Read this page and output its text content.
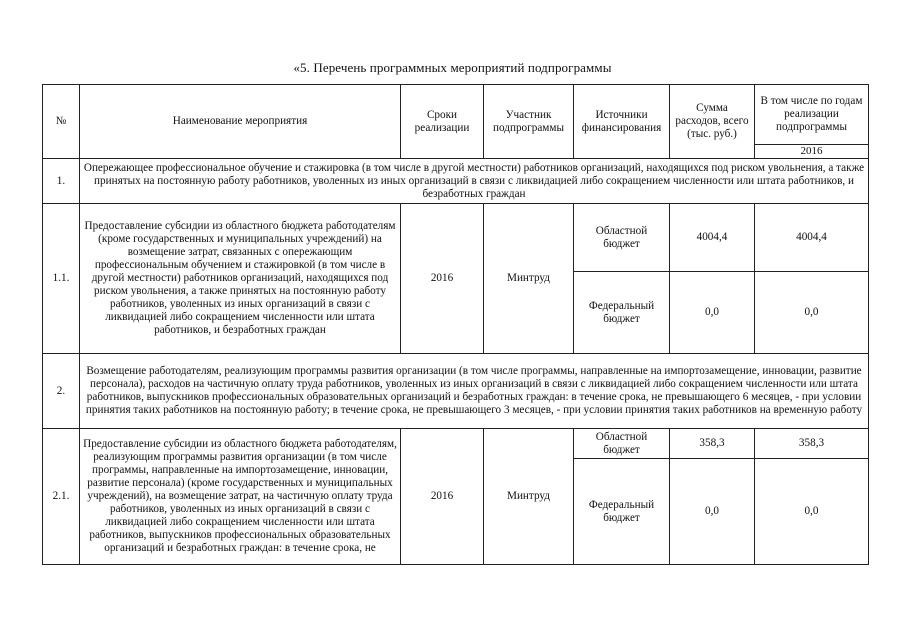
«5. Перечень программных мероприятий подпрограммы
№	Наименование мероприятия	Сроки реализации	Участник подпрограммы	Источники финансирования	Сумма расходов, всего (тыс. руб.)	В том числе по годам реализации подпрограммы
						2016
1.	Опережающее профессиональное обучение и стажировка (в том числе в другой местности) работников организаций, находящихся под риском увольнения, а также принятых на постоянную работу работников, уволенных из иных организаций в связи с ликвидацией либо сокращением численности или штата работников, и безработных граждан					
1.1.	Предоставление субсидии из областного бюджета работодателям (кроме государственных и муниципальных учреждений) на возмещение затрат, связанных с опережающим профессиональным обучением и стажировкой (в том числе в другой местности) работников организаций, находящихся под риском увольнения, а также принятых на постоянную работу работников, уволенных из иных организаций в связи с ликвидацией либо сокращением численности или штата работников, и безработных граждан	2016	Минтруд	Областной бюджет	4004,4	4004,4
				Федеральный бюджет	0,0	0,0
2.	Возмещение работодателям, реализующим программы развития организации (в том числе программы, направленные на импортозамещение, инновации, развитие персонала), расходов на частичную оплату труда работников, уволенных из иных организаций в связи с ликвидацией либо сокращением численности или штата работников, выпускников профессиональных образовательных организаций и безработных граждан: в течение срока, не превышающего 6 месяцев, - при условии принятия таких работников на постоянную работу; в течение срока, не превышающего 3 месяцев, - при условии принятия таких работников на временную работу					
2.1.	Предоставление субсидии из областного бюджета работодателям, реализующим программы развития организации (в том числе программы, направленные на импортозамещение, инновации, развитие персонала) (кроме государственных и муниципальных учреждений), на возмещение затрат, на частичную оплату труда работников, уволенных из иных организаций в связи с ликвидацией либо сокращением численности или штата работников, выпускников профессиональных образовательных организаций и безработных граждан: в течение срока, не	2016	Минтруд	Областной бюджет	358,3	358,3
				Федеральный бюджет	0,0	0,0
